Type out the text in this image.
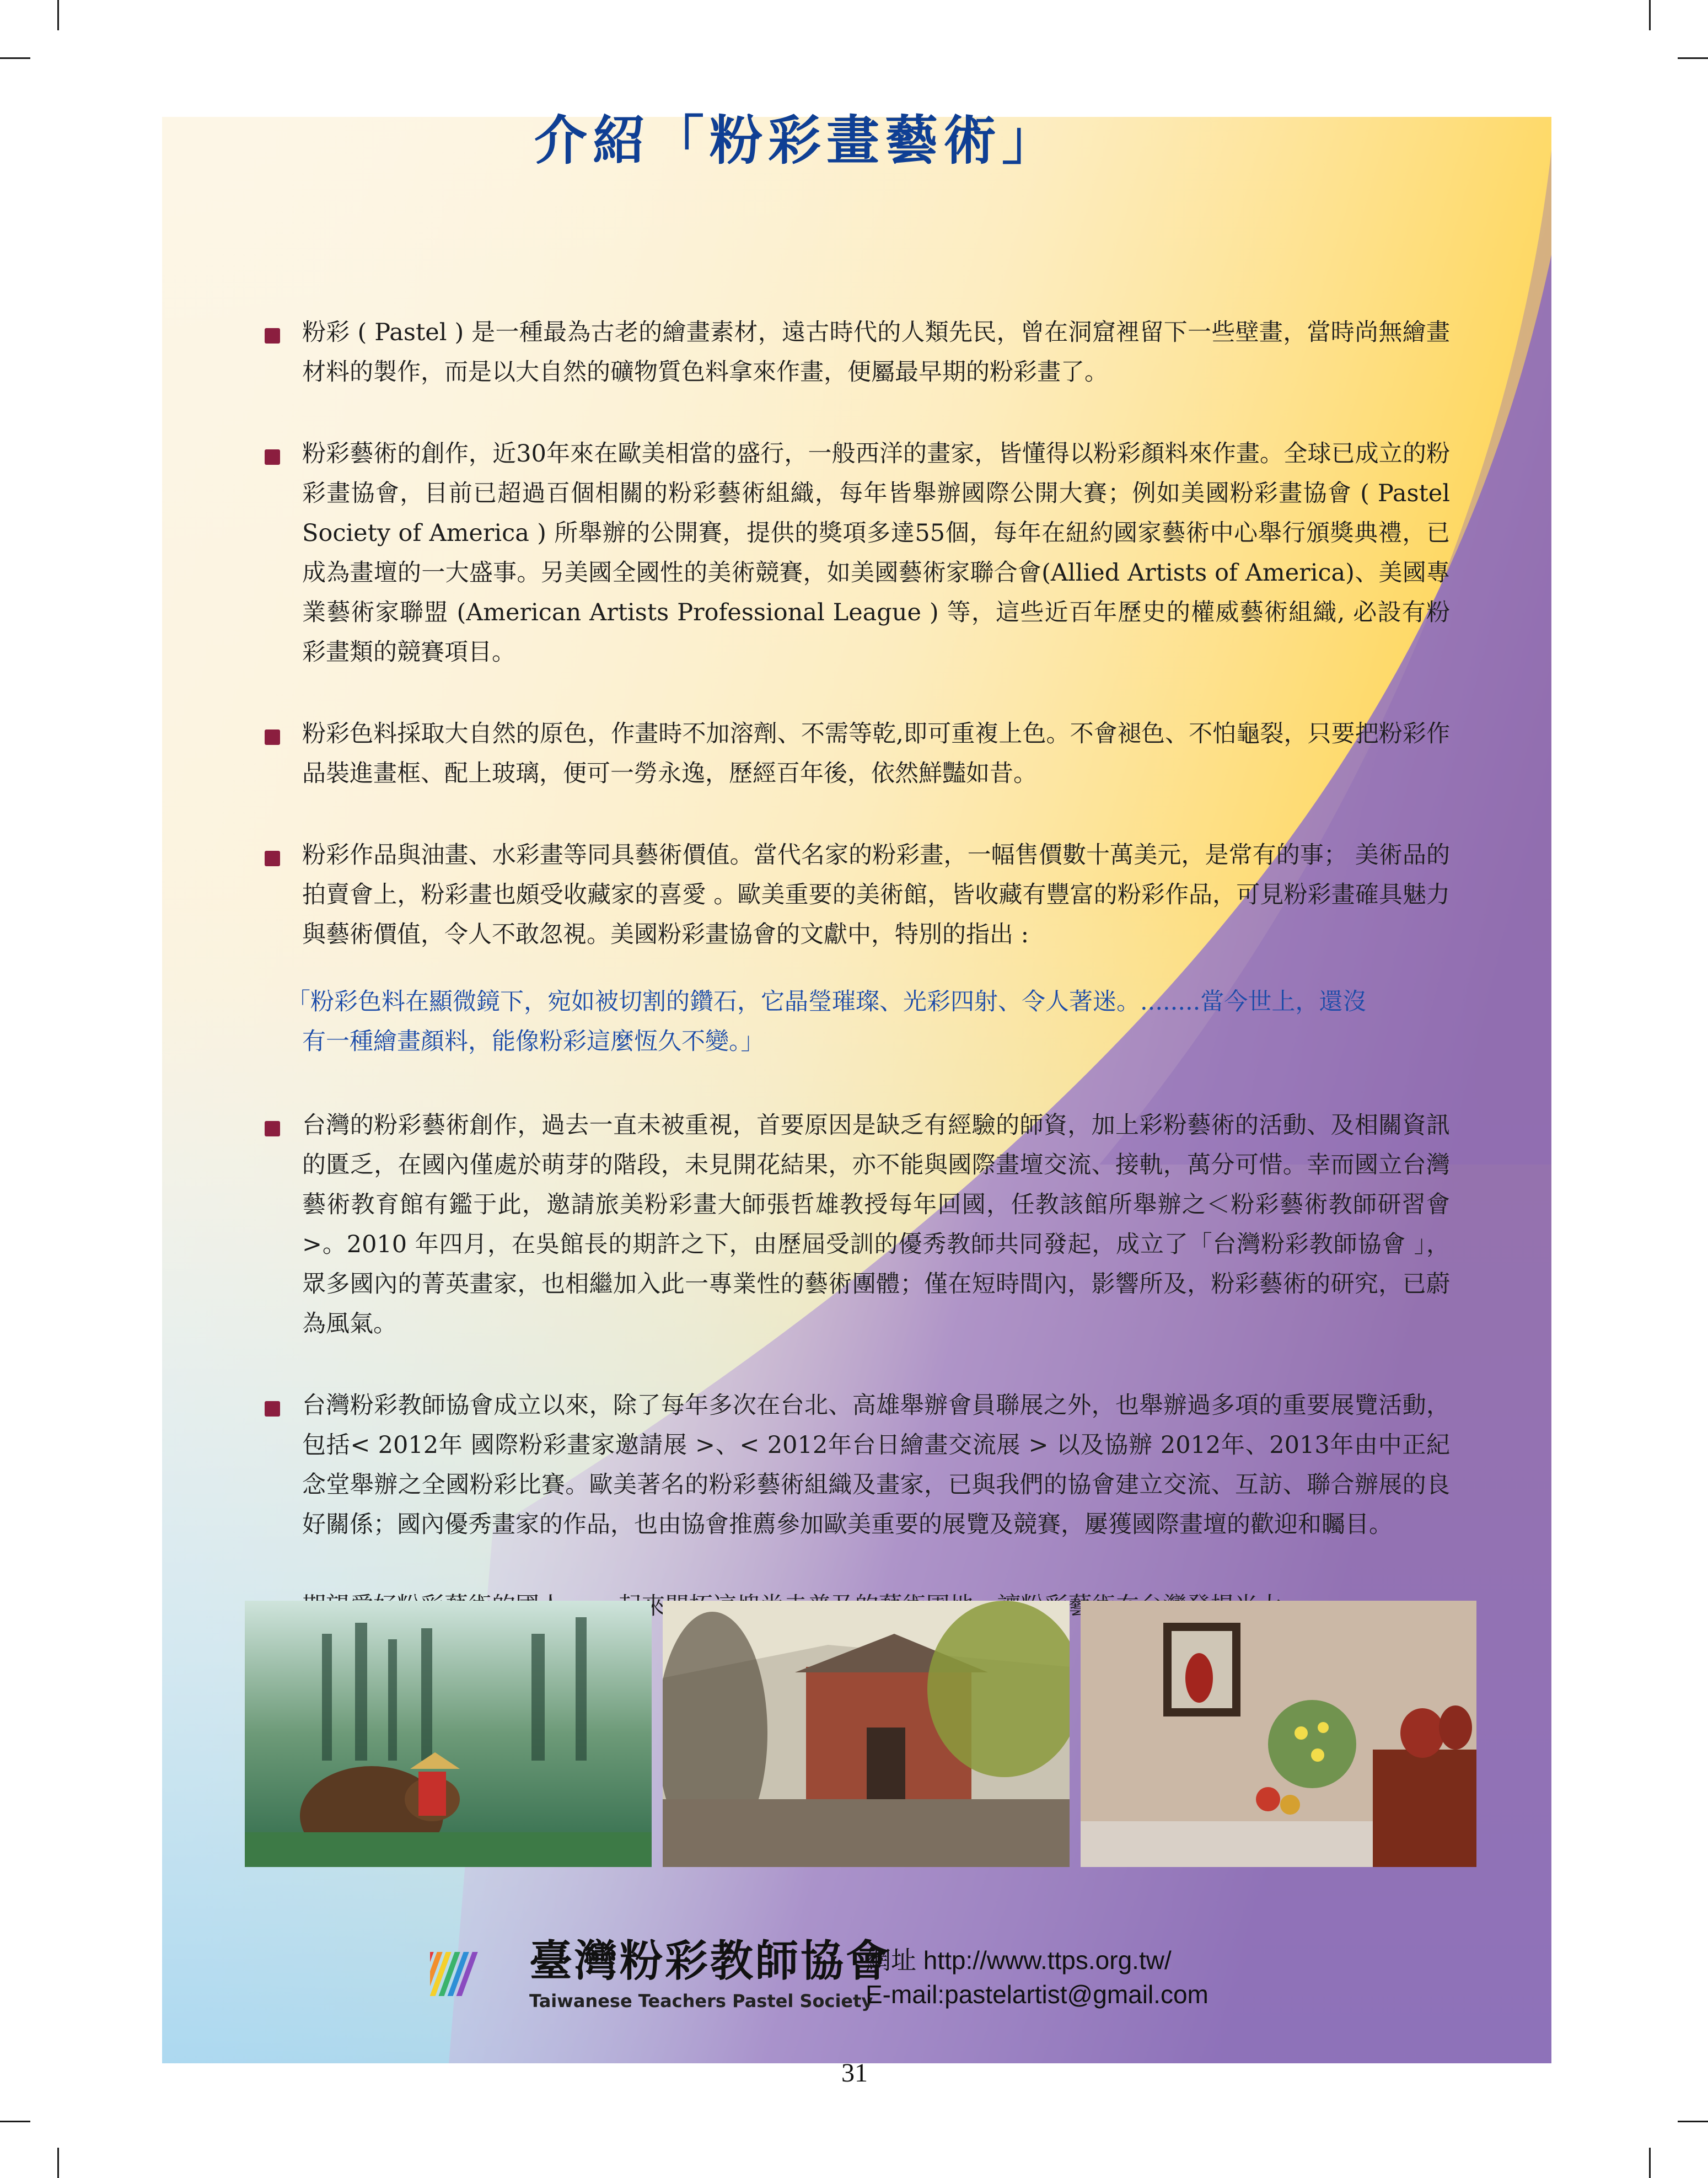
介紹「粉彩畫藝術」

粉彩 ( Pastel ) 是一種最為古老的繪畫素材，遠古時代的人類先民，曾在洞窟裡留下一些壁畫，當時尚無繪畫材料的製作，而是以大自然的礦物質色料拿來作畫，便屬最早期的粉彩畫了。

粉彩藝術的創作，近30年來在歐美相當的盛行，一般西洋的畫家，皆懂得以粉彩顏料來作畫。全球已成立的粉彩畫協會，目前已超過百個相關的粉彩藝術組織，每年皆舉辦國際公開大賽；例如美國粉彩畫協會 ( Pastel Society of America ) 所舉辦的公開賽，提供的獎項多達55個，每年在紐約國家藝術中心舉行頒獎典禮，已成為畫壇的一大盛事。另美國全國性的美術競賽，如美國藝術家聯合會(Allied Artists of America)、美國專業藝術家聯盟 (American Artists Professional League ) 等，這些近百年歷史的權威藝術組織, 必設有粉彩畫類的競賽項目。

粉彩色料採取大自然的原色，作畫時不加溶劑、不需等乾,即可重複上色。不會褪色、不怕龜裂，只要把粉彩作品裝進畫框、配上玻璃，便可一勞永逸，歷經百年後，依然鮮豔如昔。

粉彩作品與油畫、水彩畫等同具藝術價值。當代名家的粉彩畫，一幅售價數十萬美元，是常有的事； 美術品的拍賣會上，粉彩畫也頗受收藏家的喜愛 。歐美重要的美術館，皆收藏有豐富的粉彩作品，可見粉彩畫確具魅力與藝術價值，令人不敢忽視。美國粉彩畫協會的文獻中，特別的指出 :

「粉彩色料在顯微鏡下，宛如被切割的鑽石，它晶瑩璀璨、光彩四射、令人著迷。........當今世上，還沒

有一種繪畫顏料，能像粉彩這麼恆久不變。」

台灣的粉彩藝術創作，過去一直未被重視，首要原因是缺乏有經驗的師資，加上彩粉藝術的活動、及相關資訊的匱乏，在國內僅處於萌芽的階段，未見開花結果，亦不能與國際畫壇交流、接軌，萬分可惜。幸而國立台灣藝術教育館有鑑于此，邀請旅美粉彩畫大師張哲雄教授每年回國，任教該館所舉辦之＜粉彩藝術教師研習會>。2010 年四月，在吳館長的期許之下，由歷屆受訓的優秀教師共同發起，成立了「台灣粉彩教師協會 」，眾多國內的菁英畫家，也相繼加入此一專業性的藝術團體；僅在短時間內，影響所及，粉彩藝術的研究，已蔚為風氣。

台灣粉彩教師協會成立以來，除了每年多次在台北、高雄舉辦會員聯展之外，也舉辦過多項的重要展覽活動，包括< 2012年 國際粉彩畫家邀請展 >、< 2012年台日繪畫交流展 > 以及協辦 2012年、2013年由中正紀念堂舉辦之全國粉彩比賽。歐美著名的粉彩藝術組織及畫家，已與我們的協會建立交流、互訪、聯合辦展的良好關係；國內優秀畫家的作品，也由協會推薦參加歐美重要的展覽及競賽，屢獲國際畫壇的歡迎和矚目。

臺灣粉彩教師協會
Taiwanese Teachers Pastel Society
網址 http://www.ttps.org.tw/
E-mail:pastelartist@gmail.com
31
